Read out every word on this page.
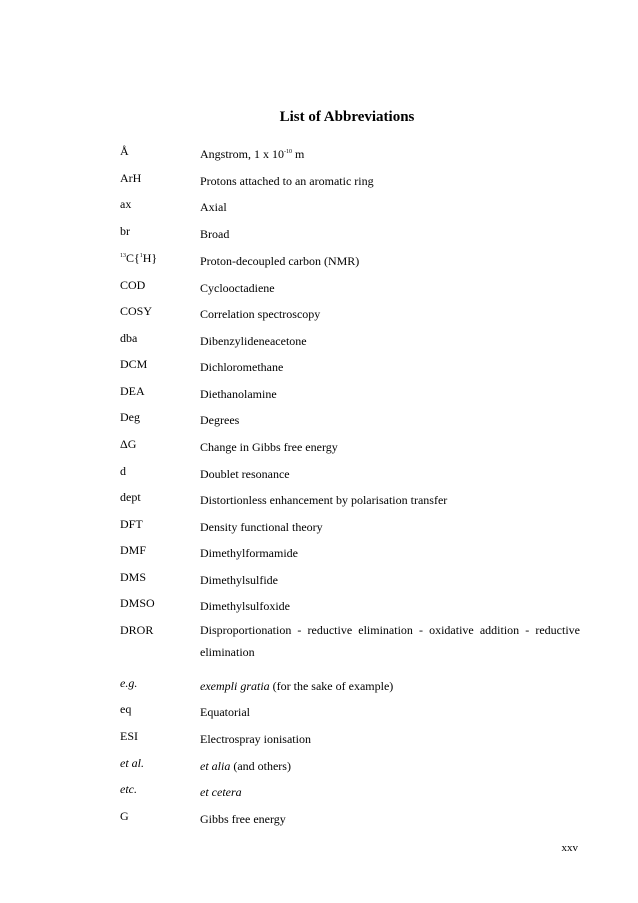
List of Abbreviations
Å	Angstrom, 1 x $10^{-10}$ m
ArH	Protons attached to an aromatic ring
ax	Axial
br	Broad
$^{13}$C{$^1$H}	Proton-decoupled carbon (NMR)
COD	Cyclooctadiene
COSY	Correlation spectroscopy
dba	Dibenzylideneacetone
DCM	Dichloromethane
DEA	Diethanolamine
Deg	Degrees
ΔG	Change in Gibbs free energy
d	Doublet resonance
dept	Distortionless enhancement by polarisation transfer
DFT	Density functional theory
DMF	Dimethylformamide
DMS	Dimethylsulfide
DMSO	Dimethylsulfoxide
DROR	Disproportionation - reductive elimination - oxidative addition - reductive elimination
e.g.	exempli gratia (for the sake of example)
eq	Equatorial
ESI	Electrospray ionisation
et al.	et alia (and others)
etc.	et cetera
G	Gibbs free energy
xxv
